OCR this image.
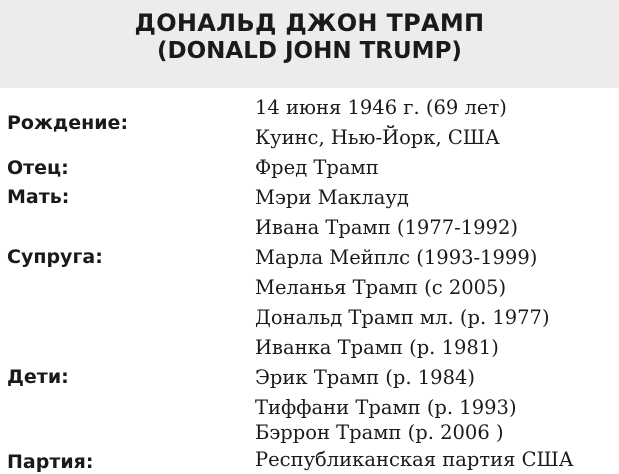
ДОНАЛЬД ДЖОН ТРАМП
(DONALD JOHN TRUMP)
Рождение:
14 июня 1946 г. (69 лет)
Куинс, Нью-Йорк, США
Отец:	Фред Трамп
Мать:	Мэри Маклауд
Супруга:
Ивана Трамп (1977-1992)
Марла Мейплс (1993-1999)
Меланья Трамп (с 2005)
Дети:
Дональд Трамп мл. (р. 1977)
Иванка Трамп (р. 1981)
Эрик Трамп (р. 1984)
Тиффани Трамп (р. 1993)
Бэррон Трамп (р. 2006 )
Партия:	Республиканская партия США
